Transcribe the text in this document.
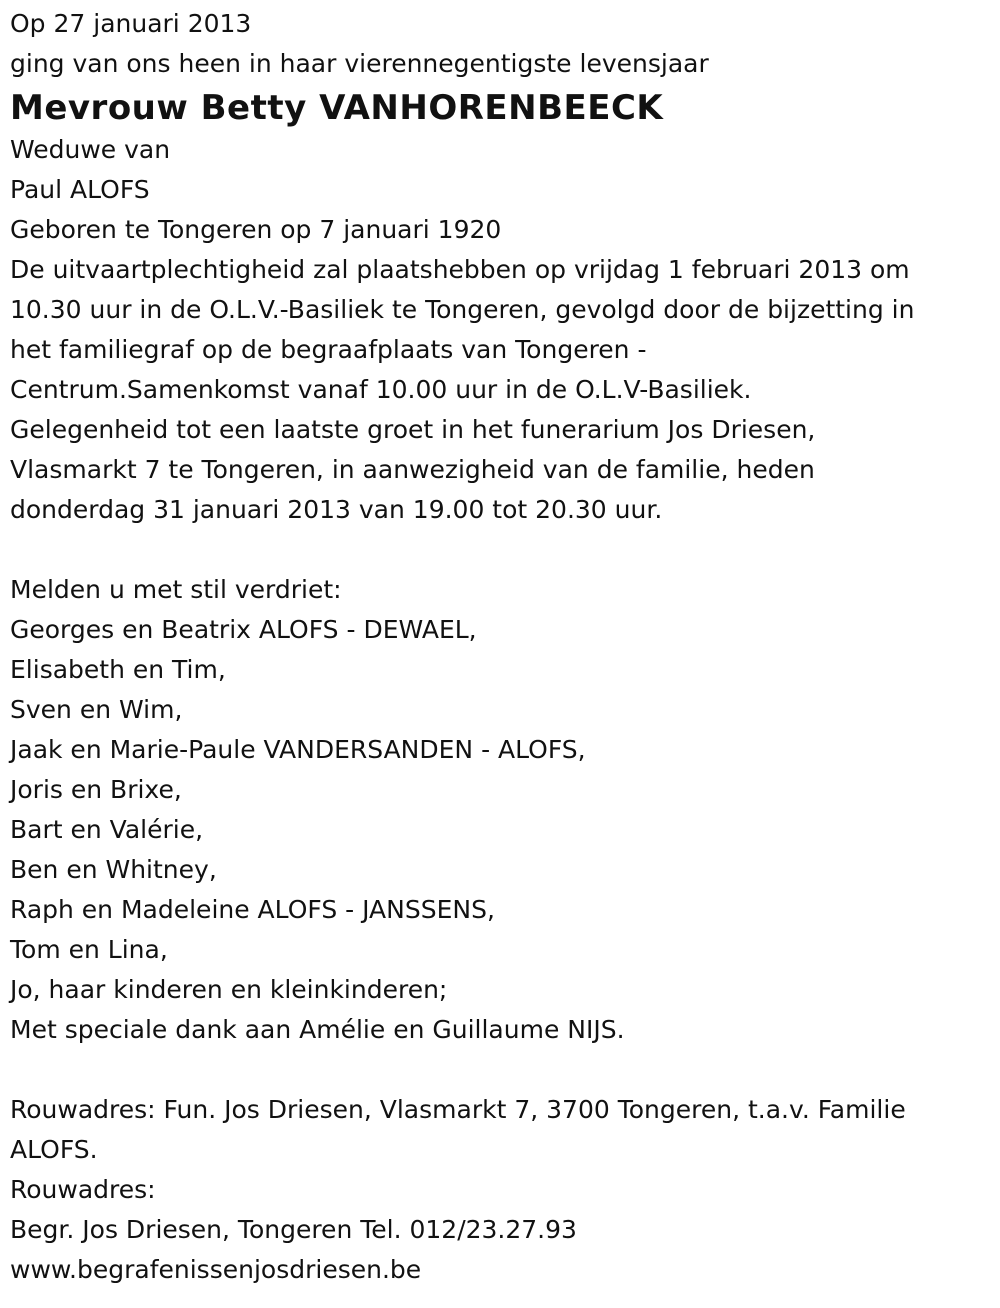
Op 27 januari 2013
ging van ons heen in haar vierennegentigste levensjaar
Mevrouw Betty VANHORENBEECK
Weduwe van
Paul ALOFS
Geboren te Tongeren op 7 januari 1920
De uitvaartplechtigheid zal plaatshebben op vrijdag 1 februari 2013 om
10.30 uur in de O.L.V.-Basiliek te Tongeren, gevolgd door de bijzetting in
het familiegraf op de begraafplaats van Tongeren -
Centrum.Samenkomst vanaf 10.00 uur in de O.L.V-Basiliek.
Gelegenheid tot een laatste groet in het funerarium Jos Driesen,
Vlasmarkt 7 te Tongeren, in aanwezigheid van de familie, heden
donderdag 31 januari 2013 van 19.00 tot 20.30 uur.
Melden u met stil verdriet:
Georges en Beatrix ALOFS - DEWAEL,
Elisabeth en Tim,
Sven en Wim,
Jaak en Marie-Paule VANDERSANDEN - ALOFS,
Joris en Brixe,
Bart en Valérie,
Ben en Whitney,
Raph en Madeleine ALOFS - JANSSENS,
Tom en Lina,
Jo, haar kinderen en kleinkinderen;
Met speciale dank aan Amélie en Guillaume NIJS.
Rouwadres: Fun. Jos Driesen, Vlasmarkt 7, 3700 Tongeren, t.a.v. Familie
ALOFS.
Rouwadres:
Begr. Jos Driesen, Tongeren Tel. 012/23.27.93
www.begrafenissenjosdriesen.be
